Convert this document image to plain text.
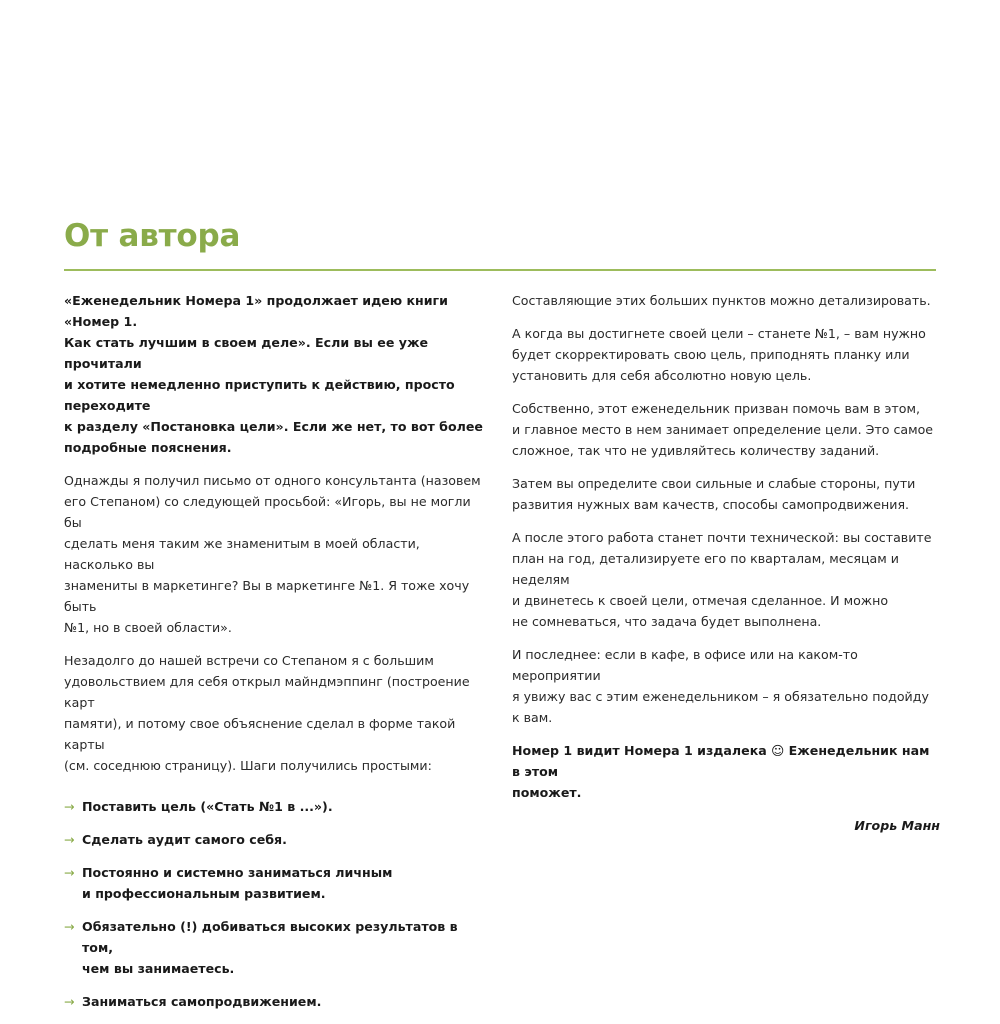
От автора

«Еженедельник Номера 1» продолжает идею книги «Номер 1.
Как стать лучшим в своем деле». Если вы ее уже прочитали
и хотите немедленно приступить к действию, просто переходите
к разделу «Постановка цели». Если же нет, то вот более
подробные пояснения.

Однажды я получил письмо от одного консультанта (назовем
его Степаном) со следующей просьбой: «Игорь, вы не могли бы
сделать меня таким же знаменитым в моей области, насколько вы
знамениты в маркетинге? Вы в маркетинге №1. Я тоже хочу быть
№1, но в своей области».

Незадолго до нашей встречи со Степаном я с большим
удовольствием для себя открыл майндмэппинг (построение карт
памяти), и потому свое объяснение сделал в форме такой карты
(см. соседнюю страницу). Шаги получились простыми:

→ Поставить цель («Стать №1 в ...»).
→ Сделать аудит самого себя.
→ Постоянно и системно заниматься личным
и профессиональным развитием.
→ Обязательно (!) добиваться высоких результатов в том,
чем вы занимаетесь.
→ Заниматься самопродвижением.

Составляющие этих больших пунктов можно детализировать.

А когда вы достигнете своей цели – станете №1, – вам нужно
будет скорректировать свою цель, приподнять планку или
установить для себя абсолютно новую цель.

Собственно, этот еженедельник призван помочь вам в этом,
и главное место в нем занимает определение цели. Это самое
сложное, так что не удивляйтесь количеству заданий.

Затем вы определите свои сильные и слабые стороны, пути
развития нужных вам качеств, способы самопродвижения.

А после этого работа станет почти технической: вы составите
план на год, детализируете его по кварталам, месяцам и неделям
и двинетесь к своей цели, отмечая сделанное. И можно
не сомневаться, что задача будет выполнена.

И последнее: если в кафе, в офисе или на каком-то мероприятии
я увижу вас с этим еженедельником – я обязательно подойду
к вам.

Номер 1 видит Номера 1 издалека ☺ Еженедельник нам в этом
поможет.

Игорь Манн
